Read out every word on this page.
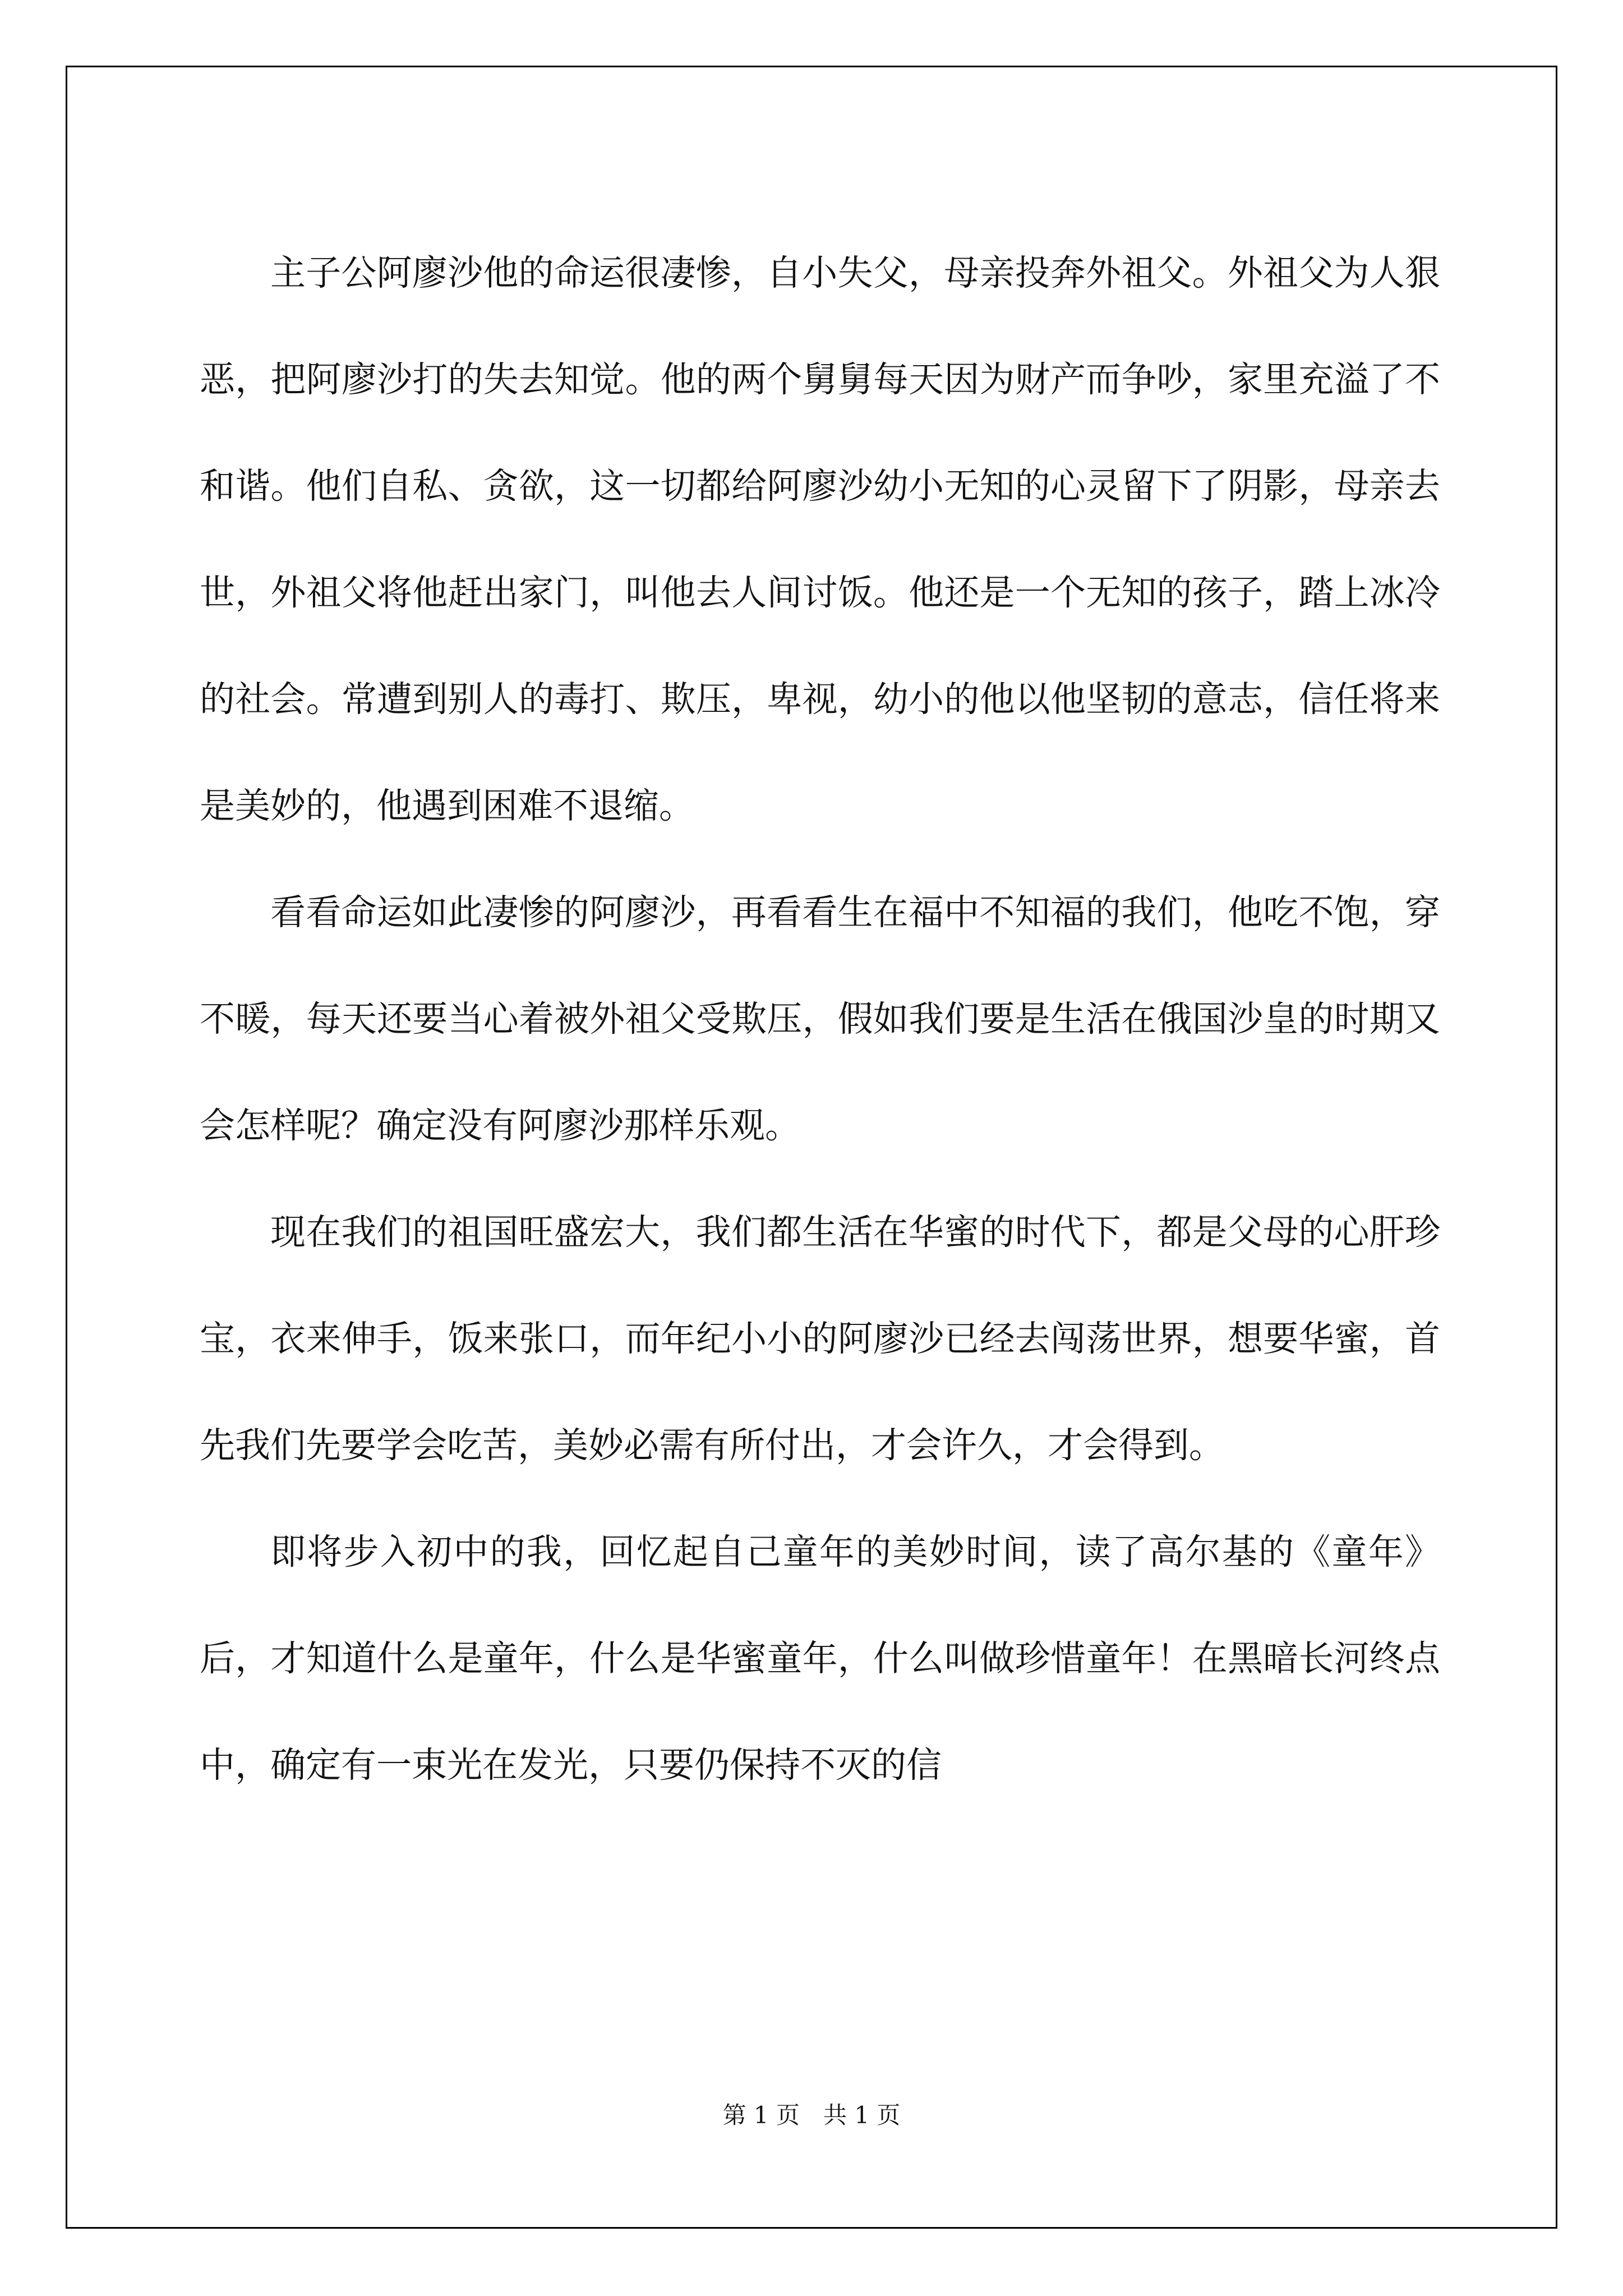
主子公阿廖沙他的命运很凄惨，自小失父，母亲投奔外祖父。外祖父为人狠恶，把阿廖沙打的失去知觉。他的两个舅舅每天因为财产而争吵，家里充溢了不和谐。他们自私、贪欲，这一切都给阿廖沙幼小无知的心灵留下了阴影，母亲去世，外祖父将他赶出家门，叫他去人间讨饭。他还是一个无知的孩子，踏上冰冷的社会。常遭到别人的毒打、欺压，卑视，幼小的他以他坚韧的意志，信任将来是美妙的，他遇到困难不退缩。

看看命运如此凄惨的阿廖沙，再看看生在福中不知福的我们，他吃不饱，穿不暖，每天还要当心着被外祖父受欺压，假如我们要是生活在俄国沙皇的时期又会怎样呢？确定没有阿廖沙那样乐观。

现在我们的祖国旺盛宏大，我们都生活在华蜜的时代下，都是父母的心肝珍宝，衣来伸手，饭来张口，而年纪小小的阿廖沙已经去闯荡世界，想要华蜜，首先我们先要学会吃苦，美妙必需有所付出，才会许久，才会得到。

即将步入初中的我，回忆起自己童年的美妙时间，读了高尔基的《童年》后，才知道什么是童年，什么是华蜜童年，什么叫做珍惜童年！在黑暗长河终点中，确定有一束光在发光，只要仍保持不灭的信

第 1 页　共 1 页
